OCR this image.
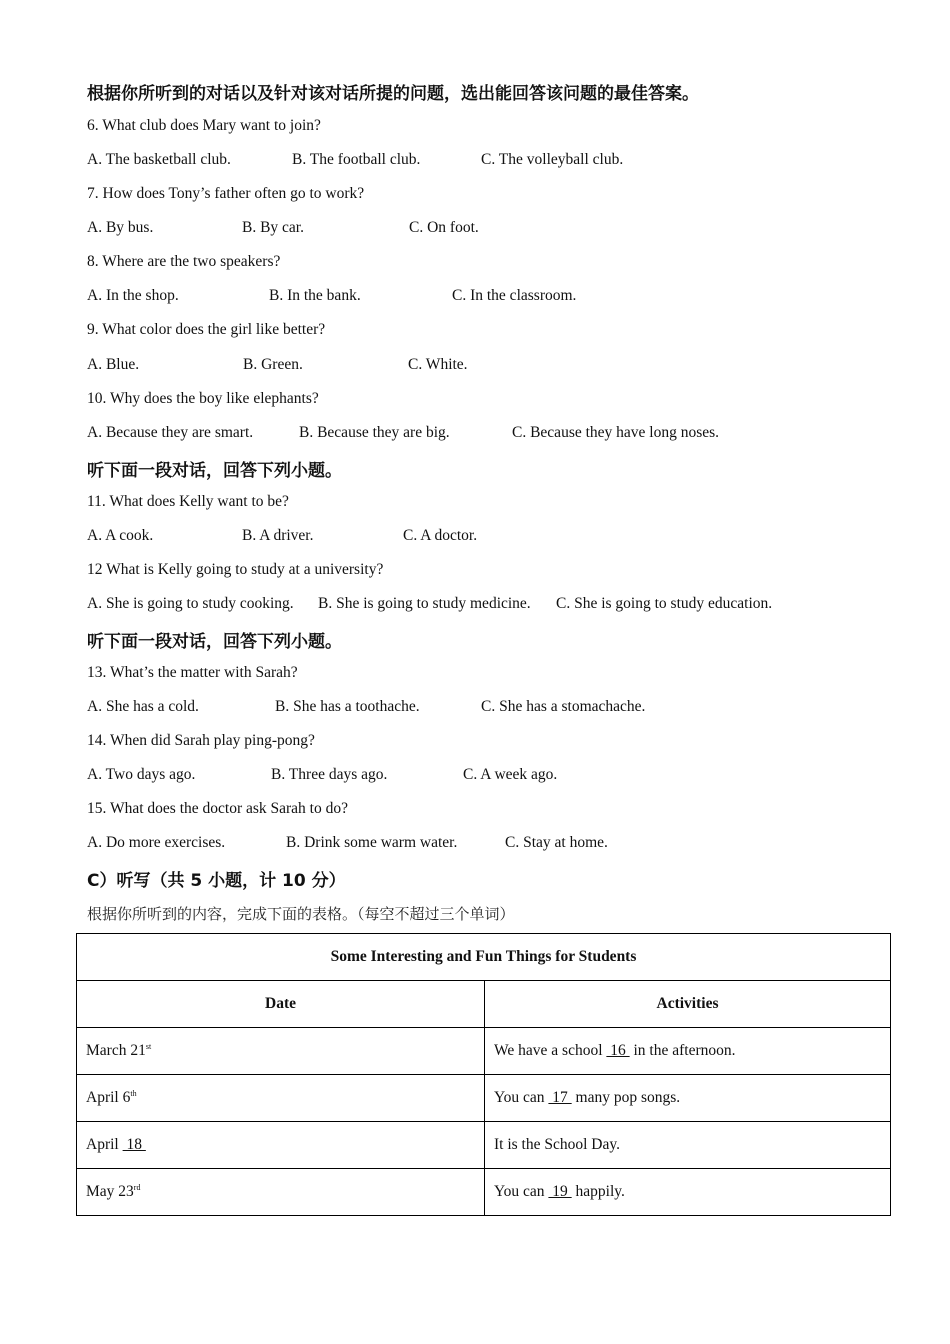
根据你所听到的对话以及针对该对话所提的问题，选出能回答该问题的最佳答案。
6. What club does Mary want to join?
A. The basketball club.	B. The football club.	C. The volleyball club.
7. How does Tony’s father often go to work?
A. By bus.	B. By car.	C. On foot.
8. Where are the two speakers?
A. In the shop.	B. In the bank.	C. In the classroom.
9. What color does the girl like better?
A. Blue.	B. Green.	C. White.
10. Why does the boy like elephants?
A. Because they are smart.	B. Because they are big.	C. Because they have long noses.
听下面一段对话，回答下列小题。
11. What does Kelly want to be?
A. A cook.	B. A driver.	C. A doctor.
12 What is Kelly going to study at a university?
A. She is going to study cooking. B. She is going to study medicine. C. She is going to study education.
听下面一段对话，回答下列小题。
13. What’s the matter with Sarah?
A. She has a cold.	B. She has a toothache.	C. She has a stomachache.
14. When did Sarah play ping-pong?
A. Two days ago.	B. Three days ago.	C. A week ago.
15. What does the doctor ask Sarah to do?
A. Do more exercises.	B. Drink some warm water.	C. Stay at home.
C）听写（共 5 小题，计 10 分）
根据你所听到的内容，完成下面的表格。（每空不超过三个单词）
Some Interesting and Fun Things for Students	
Date	Activities
March 21st	We have a school  16  in the afternoon.
April 6th	You can  17  many pop songs.
April  18	It is the School Day.
May 23rd	You can  19  happily.
